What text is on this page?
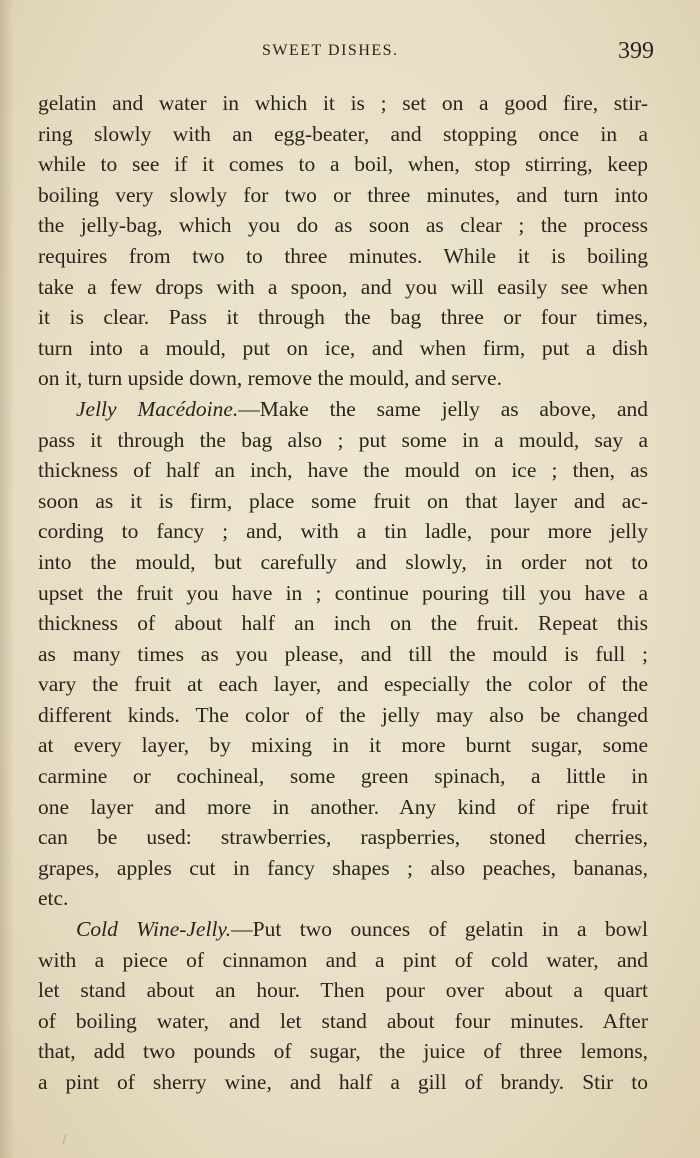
SWEET DISHES.	399
gelatin and water in which it is ; set on a good fire, stir-
ring slowly with an egg-beater, and stopping once in a
while to see if it comes to a boil, when, stop stirring, keep
boiling very slowly for two or three minutes, and turn into
the jelly-bag, which you do as soon as clear ; the process
requires from two to three minutes. While it is boiling
take a few drops with a spoon, and you will easily see when
it is clear. Pass it through the bag three or four times,
turn into a mould, put on ice, and when firm, put a dish
on it, turn upside down, remove the mould, and serve.
Jelly Macédoine.—Make the same jelly as above, and
pass it through the bag also ; put some in a mould, say a
thickness of half an inch, have the mould on ice ; then, as
soon as it is firm, place some fruit on that layer and ac-
cording to fancy ; and, with a tin ladle, pour more jelly
into the mould, but carefully and slowly, in order not to
upset the fruit you have in ; continue pouring till you have a
thickness of about half an inch on the fruit. Repeat this
as many times as you please, and till the mould is full ;
vary the fruit at each layer, and especially the color of the
different kinds. The color of the jelly may also be changed
at every layer, by mixing in it more burnt sugar, some
carmine or cochineal, some green spinach, a little in
one layer and more in another. Any kind of ripe fruit
can be used: strawberries, raspberries, stoned cherries,
grapes, apples cut in fancy shapes ; also peaches, bananas,
etc.
Cold Wine-Jelly.—Put two ounces of gelatin in a bowl
with a piece of cinnamon and a pint of cold water, and
let stand about an hour. Then pour over about a quart
of boiling water, and let stand about four minutes. After
that, add two pounds of sugar, the juice of three lemons,
a pint of sherry wine, and half a gill of brandy. Stir to
